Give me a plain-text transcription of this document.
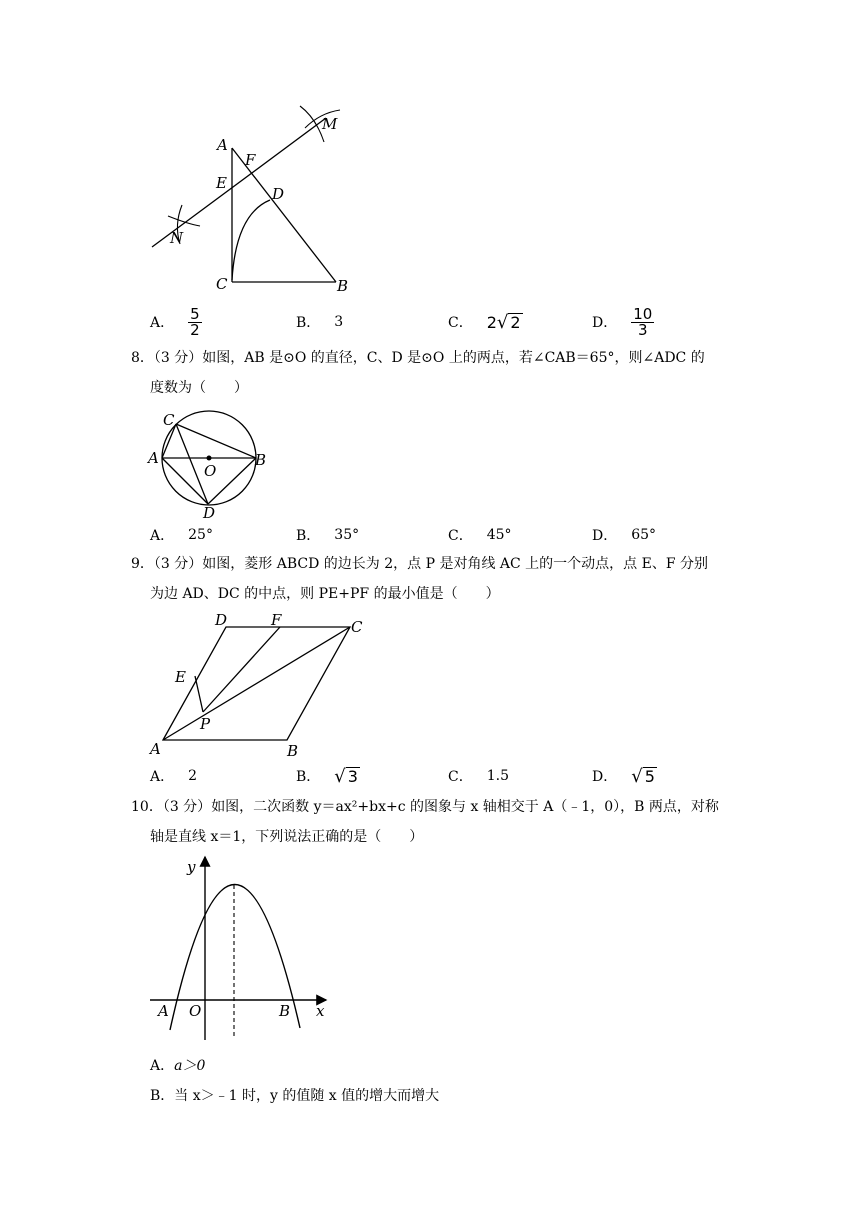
A
F
M
E
D
N
C	B
A． $\frac{5}{2}$	B． 3	C． 2 √ 2	D． $\frac{10}{3}$
8．（3 分）如图，AB 是⊙O 的直径，C、D 是⊙O 上的两点，若∠CAB＝65°，则∠ADC 的
度数为（　　）
C
A
O
B
D
A． 25°	B． 35°	C． 45°	D． 65°
9．（3 分）如图，菱形 ABCD 的边长为 2，点 P 是对角线 AC 上的一个动点，点 E、F 分别
为边 AD、DC 的中点，则 PE+PF 的最小值是（　　）
D	F	C
E
P
A	B
A． 2	B． √ 3	C． 1.5	D． √ 5
10．（3 分）如图，二次函数 y＝ax²+bx+c 的图象与 x 轴相交于 A（﹣1，0），B 两点，对称
轴是直线 x＝1，下列说法正确的是（　　）
y
A O	B x
A．a＞0
B．当 x＞﹣1 时，y 的值随 x 值的增大而增大
